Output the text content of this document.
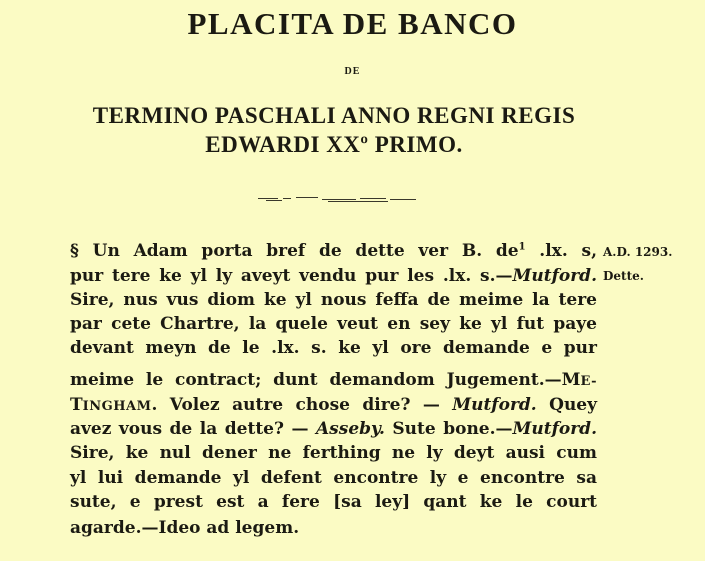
PLACITA DE BANCO
DE
TERMINO PASCHALI ANNO REGNI REGIS
EDWARDI XXº PRIMO.
§ Un Adam porta bref de dette ver B. $de^1$ .lx. s,
pur tere ke yl ly aveyt vendu pur les .lx. s.—Mutford.
Sire, nus vus diom ke yl nous feffa de meime la tere
par cete Chartre, la quele veut en sey ke yl fut paye
devant meyn de le .lx. s. ke yl ore demande e pur
meime le contract; dunt demandom Jugement.—ME-
TINGHAM. Volez autre chose dire? — Mutford. Quey
avez vous de la dette? — Asseby. Sute bone.—Mutford.
Sire, ke nul dener ne ferthing ne ly deyt ausi cum
yl lui demande yl defent encontre ly e encontre sa
sute, e prest est a fere [sa ley] qant ke le court
agarde.—Ideo ad legem.
A.D. 1293.
Dette.
